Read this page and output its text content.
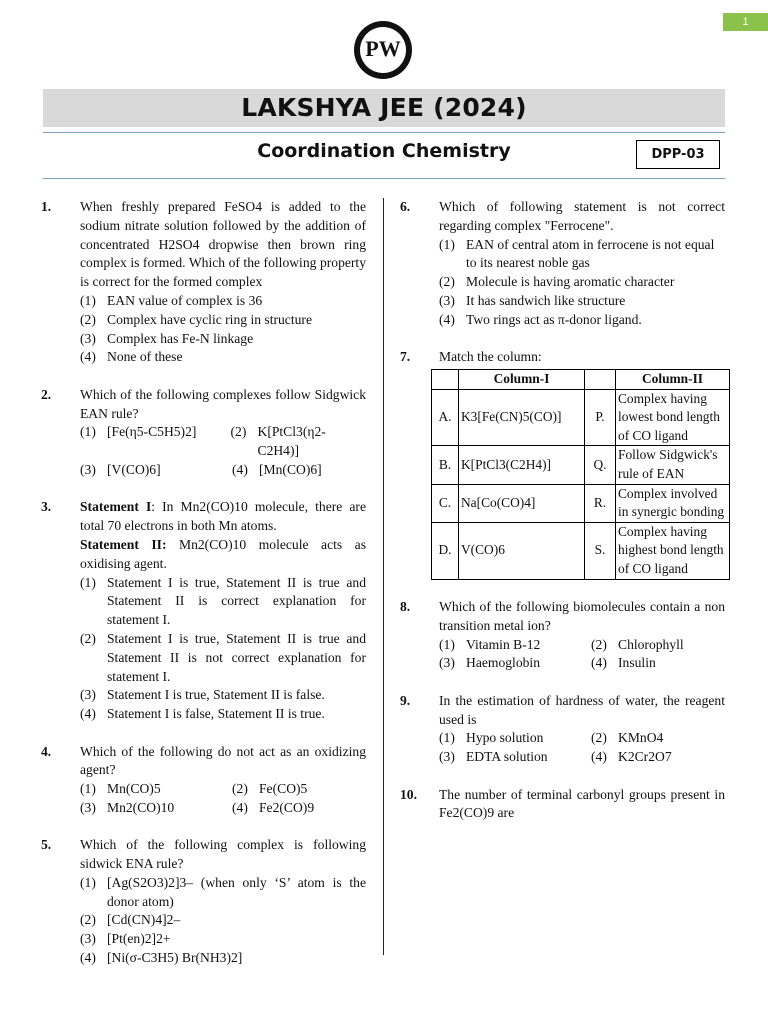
1
PW
LAKSHYA JEE (2024)
Coordination Chemistry	DPP-03
1. When freshly prepared FeSO4 is added to the sodium nitrate solution followed by the addition of concentrated H2SO4 dropwise then brown ring complex is formed. Which of the following property is correct for the formed complex
(1) EAN value of complex is 36
(2) Complex have cyclic ring in structure
(3) Complex has Fe-N linkage
(4) None of these
2. Which of the following complexes follow Sidgwick EAN rule?
(1) [Fe(η5-C5H5)2]	(2) K[PtCl3(η2-C2H4)]
(3) [V(CO)6]	(4) [Mn(CO)6]
3. Statement I: In Mn2(CO)10 molecule, there are total 70 electrons in both Mn atoms.
Statement II: Mn2(CO)10 molecule acts as oxidising agent.
(1) Statement I is true, Statement II is true and Statement II is correct explanation for statement I.
(2) Statement I is true, Statement II is true and Statement II is not correct explanation for statement I.
(3) Statement I is true, Statement II is false.
(4) Statement I is false, Statement II is true.
4. Which of the following do not act as an oxidizing agent?
(1) Mn(CO)5	(2) Fe(CO)5
(3) Mn2(CO)10	(4) Fe2(CO)9
5. Which of the following complex is following sidwick ENA rule?
(1) [Ag(S2O3)2]3– (when only ‘S’ atom is the donor atom)
(2) [Cd(CN)4]2–
(3) [Pt(en)2]2+
(4) [Ni(σ-C3H5) Br(NH3)2]
6. Which of following statement is not correct regarding complex "Ferrocene".
(1) EAN of central atom in ferrocene is not equal to its nearest noble gas
(2) Molecule is having aromatic character
(3) It has sandwich like structure
(4) Two rings act as π-donor ligand.
7. Match the column:
	Column-I		Column-II
A.	K3[Fe(CN)5(CO)]	P.	Complex having lowest bond length of CO ligand
B.	K[PtCl3(C2H4)]	Q.	Follow Sidgwick's rule of EAN
C.	Na[Co(CO)4]	R.	Complex involved in synergic bonding
D.	V(CO)6	S.	Complex having highest bond length of CO ligand
8. Which of the following biomolecules contain a non transition metal ion?
(1) Vitamin B-12	(2) Chlorophyll
(3) Haemoglobin	(4) Insulin
9. In the estimation of hardness of water, the reagent used is
(1) Hypo solution	(2) KMnO4
(3) EDTA solution	(4) K2Cr2O7
10. The number of terminal carbonyl groups present in Fe2(CO)9 are
